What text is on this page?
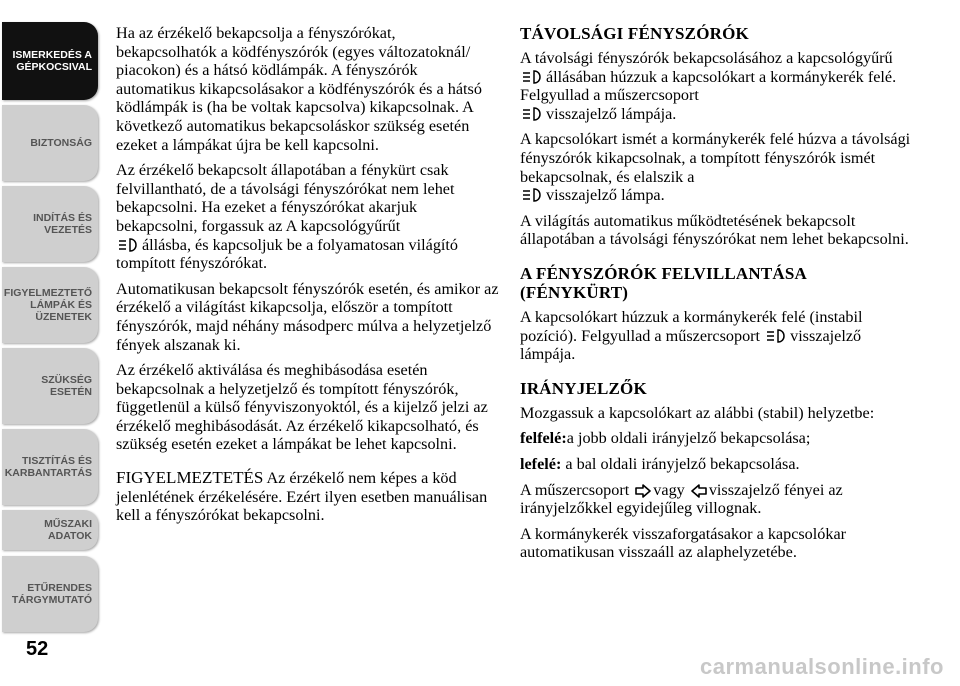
ISMERKEDÉS A
GÉPKOCSIVAL
BIZTONSÁG
INDÍTÁS ÉS
VEZETÉS
FIGYELMEZTETŐ
LÁMPÁK ÉS
ÜZENETEK
SZÜKSÉG ESETÉN
TISZTÍTÁS ÉS
KARBANTARTÁS
MŰSZAKI ADATOK
ETŰRENDES
TÁRGYMUTATÓ
52

Ha az érzékelő bekapcsolja a fényszórókat, bekapcsolhatók a ködfényszórók (egyes változatoknál/ piacokon) és a hátsó ködlámpák. A fényszórók automatikus kikapcsolásakor a ködfényszórók és a hátsó ködlámpák is (ha be voltak kapcsolva) kikapcsolnak. A következő automatikus bekapcsoláskor szükség esetén ezeket a lámpákat újra be kell kapcsolni.

Az érzékelő bekapcsolt állapotában a fénykürt csak felvillantható, de a távolsági fényszórókat nem lehet bekapcsolni. Ha ezeket a fényszórókat akarjuk bekapcsolni, forgassuk az A kapcsológyűrűt
állásba, és kapcsoljuk be a folyamatosan világító tompított fényszórókat.

Automatikusan bekapcsolt fényszórók esetén, és amikor az érzékelő a világítást kikapcsolja, először a tompított fényszórók, majd néhány másodperc múlva a helyzetjelző fények alszanak ki.

Az érzékelő aktiválása és meghibásodása esetén bekapcsolnak a helyzetjelző és tompított fényszórók, függetlenül a külső fényviszonyoktól, és a kijelző jelzi az érzékelő meghibásodását. Az érzékelő kikapcsolható, és szükség esetén ezeket a lámpákat be lehet kapcsolni.

FIGYELMEZTETÉS Az érzékelő nem képes a köd jelenlétének érzékelésére. Ezért ilyen esetben manuálisan kell a fényszórókat bekapcsolni.

TÁVOLSÁGI FÉNYSZÓRÓK

A távolsági fényszórók bekapcsolásához a kapcsológyűrű állásában húzzuk a kapcsolókart a kormánykerék felé. Felgyullad a műszercsoport
visszajelző lámpája.

A kapcsolókart ismét a kormánykerék felé húzva a távolsági fényszórók kikapcsolnak, a tompított fényszórók ismét bekapcsolnak, és elalszik a
visszajelző lámpa.

A világítás automatikus működtetésének bekapcsolt állapotában a távolsági fényszórókat nem lehet bekapcsolni.

A FÉNYSZÓRÓK FELVILLANTÁSA (FÉNYKÜRT)

A kapcsolókart húzzuk a kormánykerék felé (instabil pozíció). Felgyullad a műszercsoport visszajelző lámpája.

IRÁNYJELZŐK

Mozgassuk a kapcsolókart az alábbi (stabil) helyzetbe:

felfelé:a jobb oldali irányjelző bekapcsolása;

lefelé: a bal oldali irányjelző bekapcsolása.

A műszercsoport vagy visszajelző fényei az irányjelzőkkel egyidejűleg villognak.

A kormánykerék visszaforgatásakor a kapcsolókar automatikusan visszaáll az alaphelyzetébe.

carmanualsonline.info
